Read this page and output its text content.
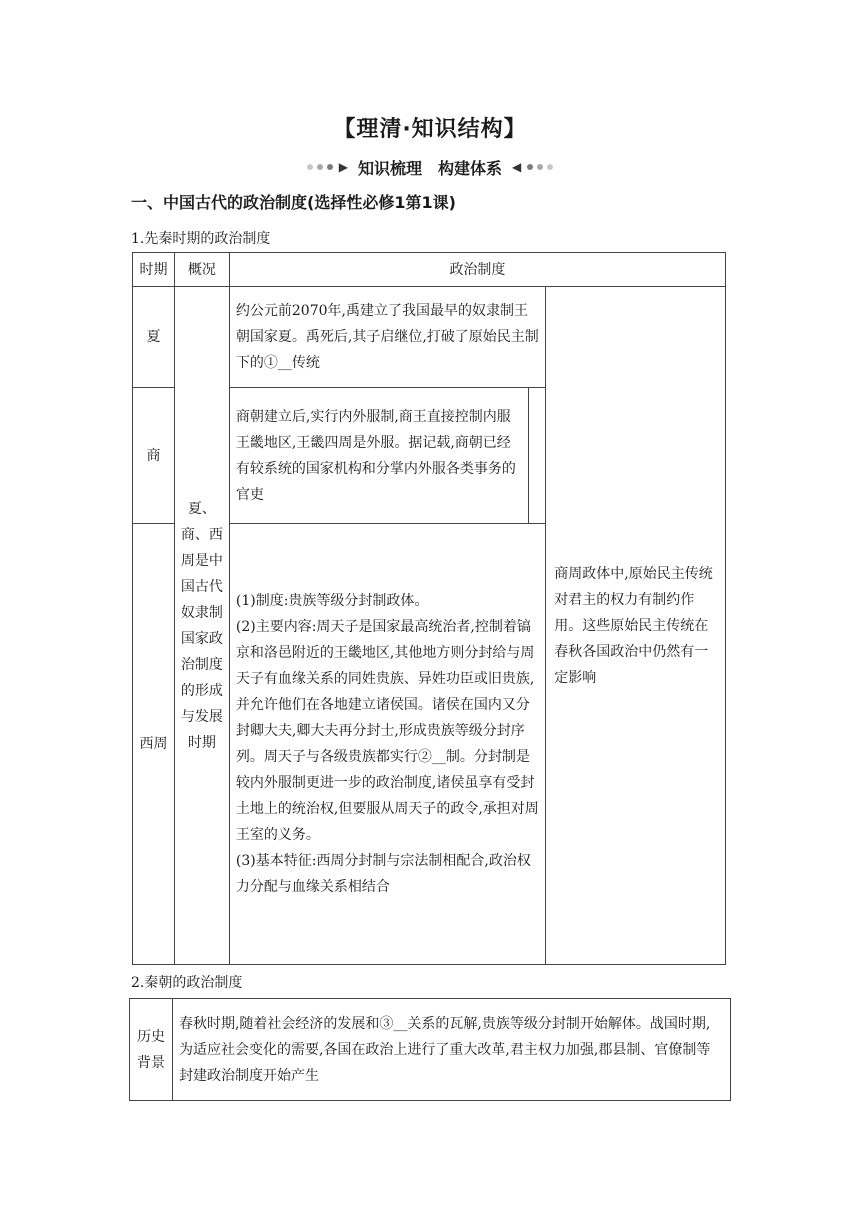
【理清·知识结构】
▶ 知识梳理　构建体系 ◀
一、中国古代的政治制度(选择性必修1第1课)
1.先秦时期的政治制度
时期	概况	政治制度		
夏	夏、商、西周是中国古代奴隶制国家政治制度的形成与发展时期	约公元前2070年,禹建立了我国最早的奴隶制王朝国家夏。禹死后,其子启继位,打破了原始民主制下的①__传统		商周政体中,原始民主传统对君主的权力有制约作用。这些原始民主传统在春秋各国政治中仍然有一定影响
商		商朝建立后,实行内外服制,商王直接控制内服王畿地区,王畿四周是外服。据记载,商朝已经有较系统的国家机构和分掌内外服各类事务的官吏		
西周		(1)制度:贵族等级分封制政体。
(2)主要内容:周天子是国家最高统治者,控制着镐京和洛邑附近的王畿地区,其他地方则分封给与周天子有血缘关系的同姓贵族、异姓功臣或旧贵族,并允许他们在各地建立诸侯国。诸侯在国内又分封卿大夫,卿大夫再分封士,形成贵族等级分封序列。周天子与各级贵族都实行②__制。分封制是较内外服制更进一步的政治制度,诸侯虽享有受封土地上的统治权,但要服从周天子的政令,承担对周王室的义务。
(3)基本特征:西周分封制与宗法制相配合,政治权力分配与血缘关系相结合		
2.秦朝的政治制度
历史背景	春秋时期,随着社会经济的发展和③__关系的瓦解,贵族等级分封制开始解体。战国时期,为适应社会变化的需要,各国在政治上进行了重大改革,君主权力加强,郡县制、官僚制等封建政治制度开始产生
